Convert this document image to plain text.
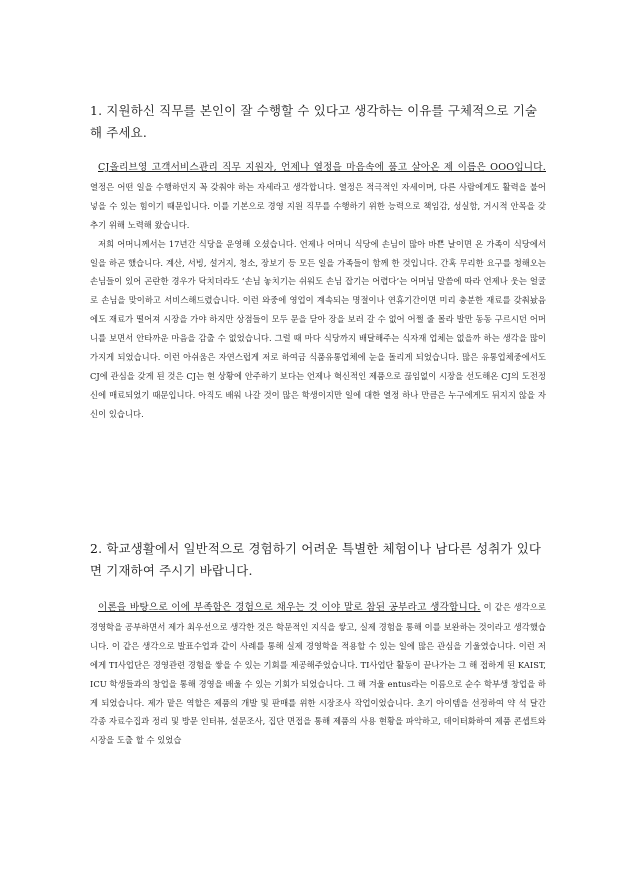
1. 지원하신 직무를 본인이 잘 수행할 수 있다고 생각하는 이유를 구체적으로 기술해 주세요.

CJ올리브영 고객서비스관리 직무 지원자, 언제나 열정을 마음속에 품고 살아온 제 이름은 OOO입니다. 열정은 어떤 일을 수행하던지 꼭 갖춰야 하는 자세라고 생각합니다. 열정은 적극적인 자세이며, 다른 사람에게도 활력을 불어넣을 수 있는 힘이기 때문입니다. 이를 기본으로 경영 지원 직무를 수행하기 위한 능력으로 책임감, 성실함, 거시적 안목을 갖추기 위해 노력해 왔습니다.

저희 어머니께서는 17년간 식당을 운영해 오셨습니다. 언제나 어머니 식당에 손님이 많아 바쁜 날이면 온 가족이 식당에서 일을 하곤 했습니다. 계산, 서빙, 설거지, 청소, 장보기 등 모든 일을 가족들이 함께 한 것입니다. 간혹 무리한 요구를 청해오는 손님들이 있어 곤란한 경우가 닥치더라도 ‘손님 놓치기는 쉬워도 손님 잡기는 어렵다’는 어머님 말씀에 따라 언제나 웃는 얼굴로 손님을 맞이하고 서비스해드렸습니다. 이런 와중에 영업이 계속되는 명절이나 연휴기간이면 미리 충분한 재료를 갖춰놨음에도 재료가 떨어져 시장을 가야 하지만 상점들이 모두 문을 닫아 장을 보러 갈 수 없어 어쩔 줄 몰라 발만 동동 구르시던 어머니를 보면서 안타까운 마음을 감출 수 없었습니다. 그럴 때 마다 식당까지 배달해주는 식자재 업체는 없을까 하는 생각을 많이 가지게 되었습니다. 이런 아쉬움은 자연스럽게 저로 하여금 식품유통업체에 눈을 돌리게 되었습니다. 많은 유통업체중에서도 CJ에 관심을 갖게 된 것은 CJ는 현 상황에 안주하기 보다는 언제나 혁신적인 제품으로 끊임없이 시장을 선도해온 CJ의 도전정신에 매료되었기 때문입니다. 아직도 배워 나갈 것이 많은 학생이지만 일에 대한 열정 하나 만큼은 누구에게도 뒤지지 않을 자신이 있습니다.

2. 학교생활에서 일반적으로 경험하기 어려운 특별한 체험이나 남다른 성취가 있다면 기재하여 주시기 바랍니다.

이론을 바탕으로 이에 부족함은 경험으로 채우는 것 이야 말로 참된 공부라고 생각합니다. 이 같은 생각으로 경영학을 공부하면서 제가 최우선으로 생각한 것은 학문적인 지식을 쌓고, 실제 경험을 통해 이를 보완하는 것이라고 생각했습니다. 이 같은 생각으로 발표수업과 같이 사례를 통해 실제 경영학을 적용할 수 있는 일에 많은 관심을 기울였습니다. 이런 저에게 TI사업단은 경영관련 경험을 쌓을 수 있는 기회를 제공해주었습니다. TI사업단 활동이 끝나가는 그 해 접하게 된 KAIST, ICU 학생들과의 창업을 통해 경영을 배울 수 있는 기회가 되었습니다. 그 해 겨울 entus라는 이름으로 순수 학부생 창업을 하게 되었습니다. 제가 맡은 역할은 제품의 개발 및 판매를 위한 시장조사 작업이었습니다. 초기 아이템을 선정하여 약 석 달간 각종 자료수집과 정리 및 방문 인터뷰, 설문조사, 집단 면접을 통해 제품의 사용 현황을 파악하고, 데이터화하여 제품 콘셉트와 시장을 도출 할 수 있었습
